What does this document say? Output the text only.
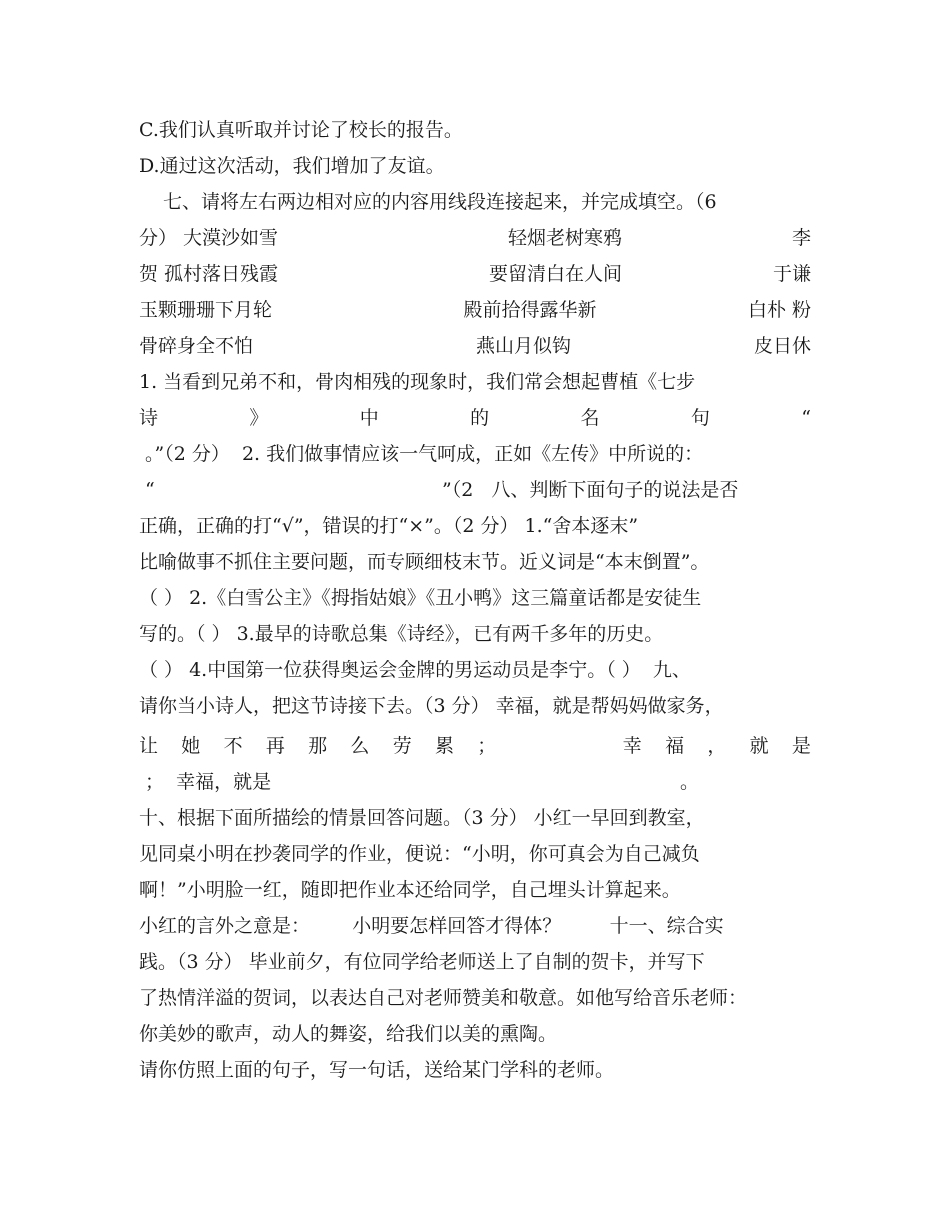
C.我们认真听取并讨论了校长的报告。
D.通过这次活动，我们增加了友谊。
七、请将左右两边相对应的内容用线段连接起来，并完成填空。（6
分） 大漠沙如雪	轻烟老树寒鸦	李
贺 孤村落日残霞	要留清白在人间	于谦
玉颗珊珊下月轮	殿前拾得露华新	白朴 粉
骨碎身全不怕	燕山月似钩	皮日休
1. 当看到兄弟不和，骨肉相残的现象时，我们常会想起曹植《七步
诗	》	中	的	名	句	“
。”（2 分）  2. 我们做事情应该一气呵成，正如《左传》中所说的：
“	”（2   八、判断下面句子的说法是否
正确，正确的打“√”，错误的打“×”。（2 分） 1.“舍本逐末”
比喻做事不抓住主要问题，而专顾细枝末节。近义词是“本末倒置”。
（ ） 2.《白雪公主》《拇指姑娘》《丑小鸭》这三篇童话都是安徒生
写的。（ ） 3.最早的诗歌总集《诗经》，已有两千多年的历史。
（ ） 4.中国第一位获得奥运会金牌的男运动员是李宁。（ ）  九、
请你当小诗人，把这节诗接下去。（3 分） 幸福，就是帮妈妈做家务，
让 她 不 再 那 么 劳 累 ；	幸 福 ， 就 是
；  幸福，就是	。
十、根据下面所描绘的情景回答问题。（3 分） 小红一早回到教室，
见同桌小明在抄袭同学的作业，便说：“小明，你可真会为自己减负
啊！”小明脸一红，随即把作业本还给同学，自己埋头计算起来。
小红的言外之意是：       小明要怎样回答才得体？        十一、综合实
践。（3 分） 毕业前夕，有位同学给老师送上了自制的贺卡，并写下
了热情洋溢的贺词，以表达自己对老师赞美和敬意。如他写给音乐老师：
你美妙的歌声，动人的舞姿，给我们以美的熏陶。
请你仿照上面的句子，写一句话，送给某门学科的老师。
